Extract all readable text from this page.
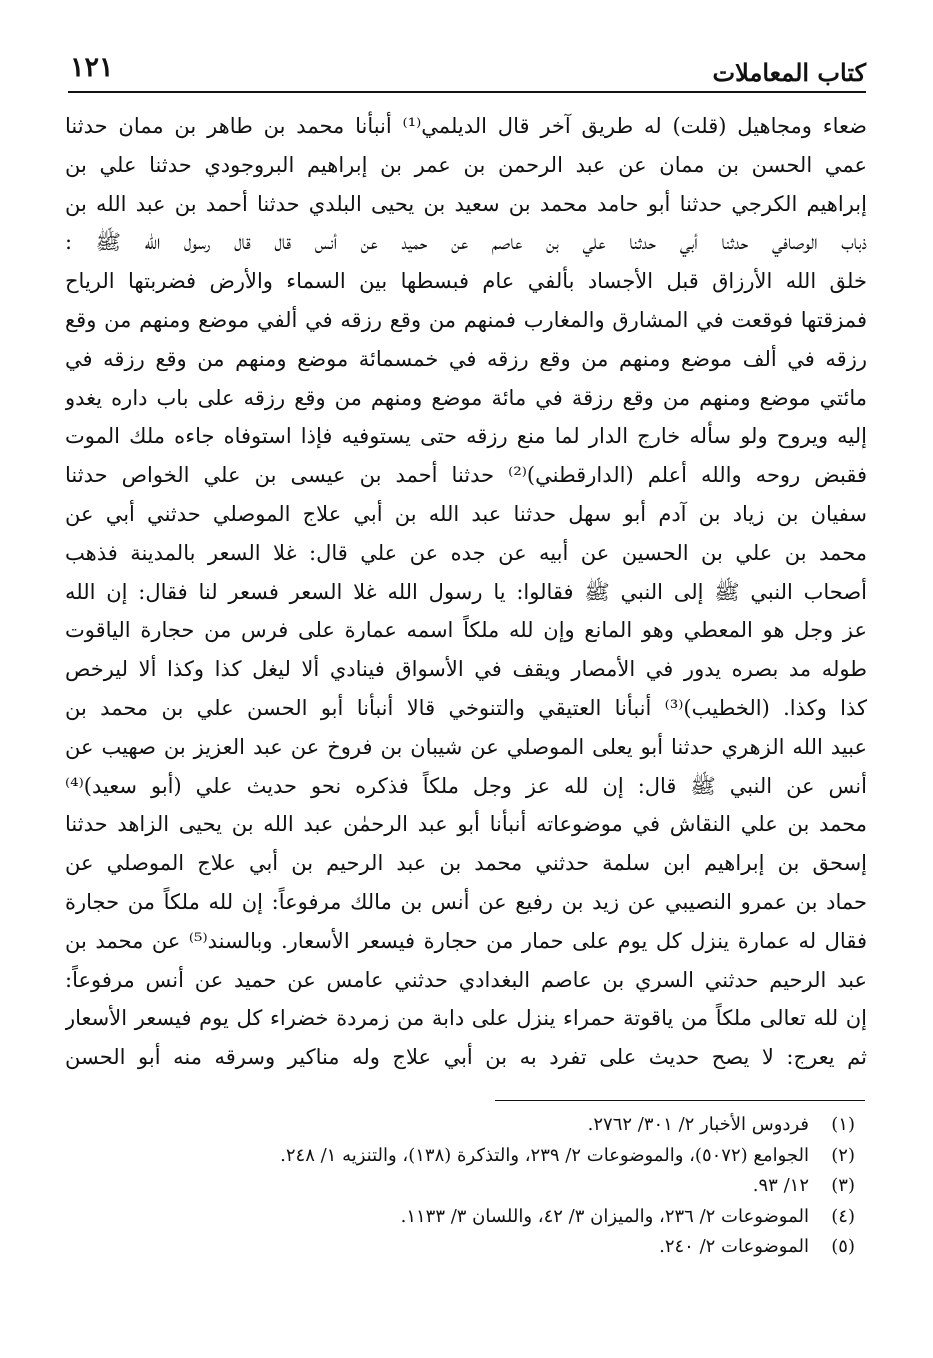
كتاب المعاملات
١٢١
ضعاء ومجاهيل (قلت) له طريق آخر قال الديلمي⁽¹⁾ أنبأنا محمد بن طاهر بن ممان حدثنا
عمي الحسن بن ممان عن عبد الرحمن بن عمر بن إبراهيم البروجودي حدثنا علي بن
إبراهيم الكرجي حدثنا أبو حامد محمد بن سعيد بن يحيى البلدي حدثنا أحمد بن عبد الله بن
ذباب الوصافي حدثنا أبي حدثنا علي بن عاصم عن حميد عن أنس قال قال رسول الله ﷺ :
خلق الله الأرزاق قبل الأجساد بألفي عام فبسطها بين السماء والأرض فضربتها الرياح
فمزقتها فوقعت في المشارق والمغارب فمنهم من وقع رزقه في ألفي موضع ومنهم من وقع
رزقه في ألف موضع ومنهم من وقع رزقه في خمسمائة موضع ومنهم من وقع رزقه في
مائتي موضع ومنهم من وقع رزقة في مائة موضع ومنهم من وقع رزقه على باب داره يغدو
إليه ويروح ولو سأله خارج الدار لما منع رزقه حتى يستوفيه فإذا استوفاه جاءه ملك الموت
فقبض روحه والله أعلم (الدارقطني)⁽²⁾ حدثنا أحمد بن عيسى بن علي الخواص حدثنا
سفيان بن زياد بن آدم أبو سهل حدثنا عبد الله بن أبي علاج الموصلي حدثني أبي عن
محمد بن علي بن الحسين عن أبيه عن جده عن علي قال: غلا السعر بالمدينة فذهب
أصحاب النبي ﷺ إلى النبي ﷺ فقالوا: يا رسول الله غلا السعر فسعر لنا فقال: إن الله
عز وجل هو المعطي وهو المانع وإن لله ملكاً اسمه عمارة على فرس من حجارة الياقوت
طوله مد بصره يدور في الأمصار ويقف في الأسواق فينادي ألا ليغل كذا وكذا ألا ليرخص
كذا وكذا. (الخطيب)⁽³⁾ أنبأنا العتيقي والتنوخي قالا أنبأنا أبو الحسن علي بن محمد بن
عبيد الله الزهري حدثنا أبو يعلى الموصلي عن شيبان بن فروخ عن عبد العزيز بن صهيب عن
أنس عن النبي ﷺ قال: إن لله عز وجل ملكاً فذكره نحو حديث علي (أبو سعيد)⁽⁴⁾
محمد بن علي النقاش في موضوعاته أنبأنا أبو عبد الرحمٰن عبد الله بن يحيى الزاهد حدثنا
إسحق بن إبراهيم ابن سلمة حدثني محمد بن عبد الرحيم بن أبي علاج الموصلي عن
حماد بن عمرو النصيبي عن زيد بن رفيع عن أنس بن مالك مرفوعاً: إن لله ملكاً من حجارة
فقال له عمارة ينزل كل يوم على حمار من حجارة فيسعر الأسعار. وبالسند⁽⁵⁾ عن محمد بن
عبد الرحيم حدثني السري بن عاصم البغدادي حدثني عامس عن حميد عن أنس مرفوعاً:
إن لله تعالى ملكاً من ياقوتة حمراء ينزل على دابة من زمردة خضراء كل يوم فيسعر الأسعار
ثم يعرج: لا يصح حديث على تفرد به بن أبي علاج وله مناكير وسرقه منه أبو الحسن
(١)فردوس الأخبار ٢/ ٣٠١/ ٢٧٦٢.
(٢)الجوامع (٥٠٧٢)، والموضوعات ٢/ ٢٣٩، والتذكرة (١٣٨)، والتنزيه ١/ ٢٤٨.
(٣)١٢/ ٩٣.
(٤)الموضوعات ٢/ ٢٣٦، والميزان ٣/ ٤٢، واللسان ٣/ ١١٣٣.
(٥)الموضوعات ٢/ ٢٤٠.
